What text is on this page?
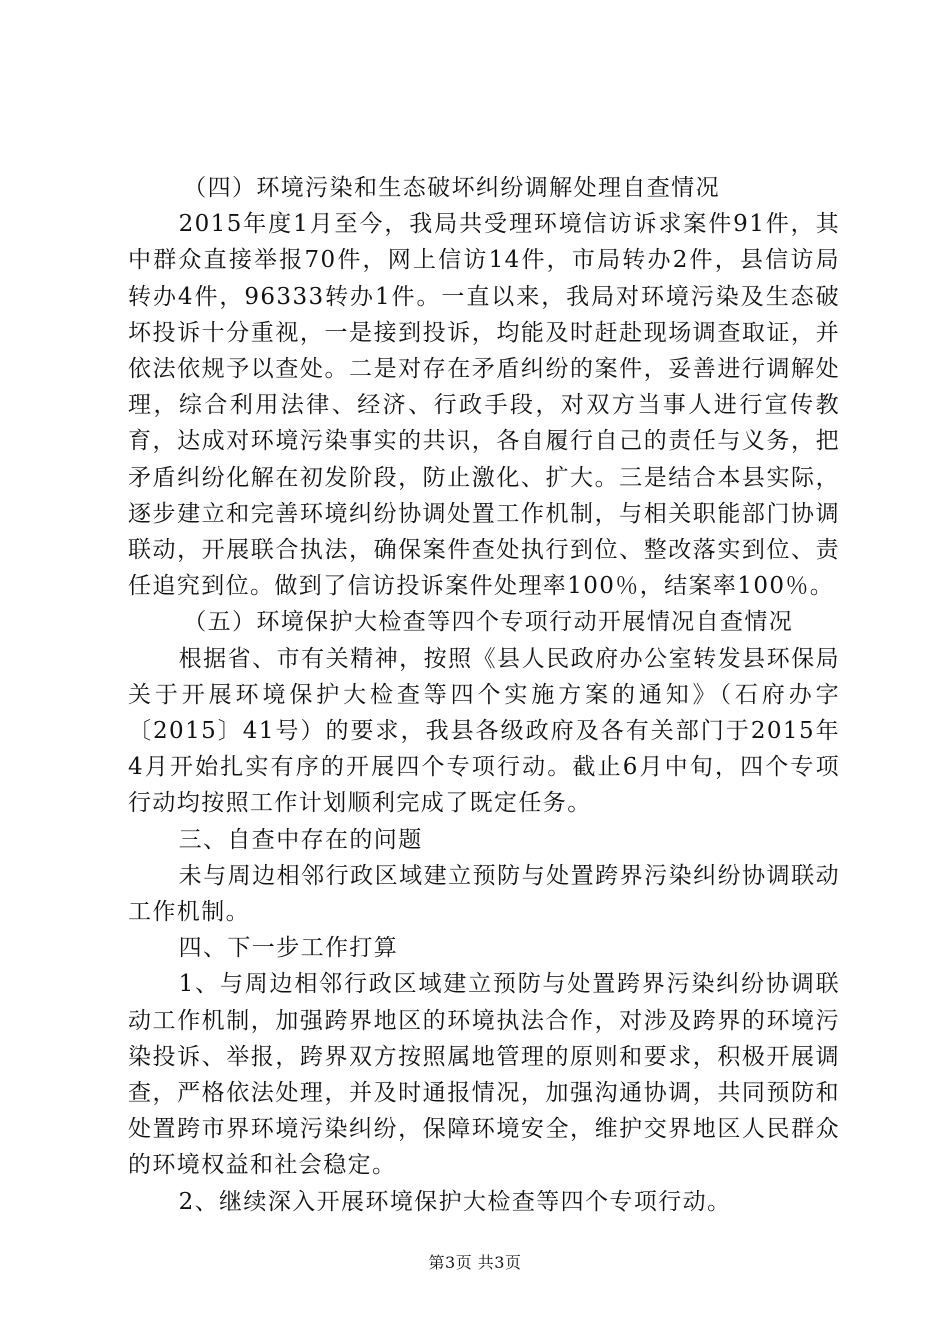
（四）环境污染和生态破坏纠纷调解处理自查情况

2015年度1月至今，我局共受理环境信访诉求案件91件，其中群众直接举报70件，网上信访14件，市局转办2件，县信访局转办4件，96333转办1件。一直以来，我局对环境污染及生态破坏投诉十分重视，一是接到投诉，均能及时赶赴现场调查取证，并依法依规予以查处。二是对存在矛盾纠纷的案件，妥善进行调解处理，综合利用法律、经济、行政手段，对双方当事人进行宣传教育，达成对环境污染事实的共识，各自履行自己的责任与义务，把矛盾纠纷化解在初发阶段，防止激化、扩大。三是结合本县实际，逐步建立和完善环境纠纷协调处置工作机制，与相关职能部门协调联动，开展联合执法，确保案件查处执行到位、整改落实到位、责任追究到位。做到了信访投诉案件处理率100％，结案率100％。

（五）环境保护大检查等四个专项行动开展情况自查情况

根据省、市有关精神，按照《县人民政府办公室转发县环保局关于开展环境保护大检查等四个实施方案的通知》（石府办字〔2015〕41号）的要求，我县各级政府及各有关部门于2015年4月开始扎实有序的开展四个专项行动。截止6月中旬，四个专项行动均按照工作计划顺利完成了既定任务。

三、自查中存在的问题

未与周边相邻行政区域建立预防与处置跨界污染纠纷协调联动工作机制。

四、下一步工作打算

1、与周边相邻行政区域建立预防与处置跨界污染纠纷协调联动工作机制，加强跨界地区的环境执法合作，对涉及跨界的环境污染投诉、举报，跨界双方按照属地管理的原则和要求，积极开展调查，严格依法处理，并及时通报情况，加强沟通协调，共同预防和处置跨市界环境污染纠纷，保障环境安全，维护交界地区人民群众的环境权益和社会稳定。

2、继续深入开展环境保护大检查等四个专项行动。

第3页 共3页
